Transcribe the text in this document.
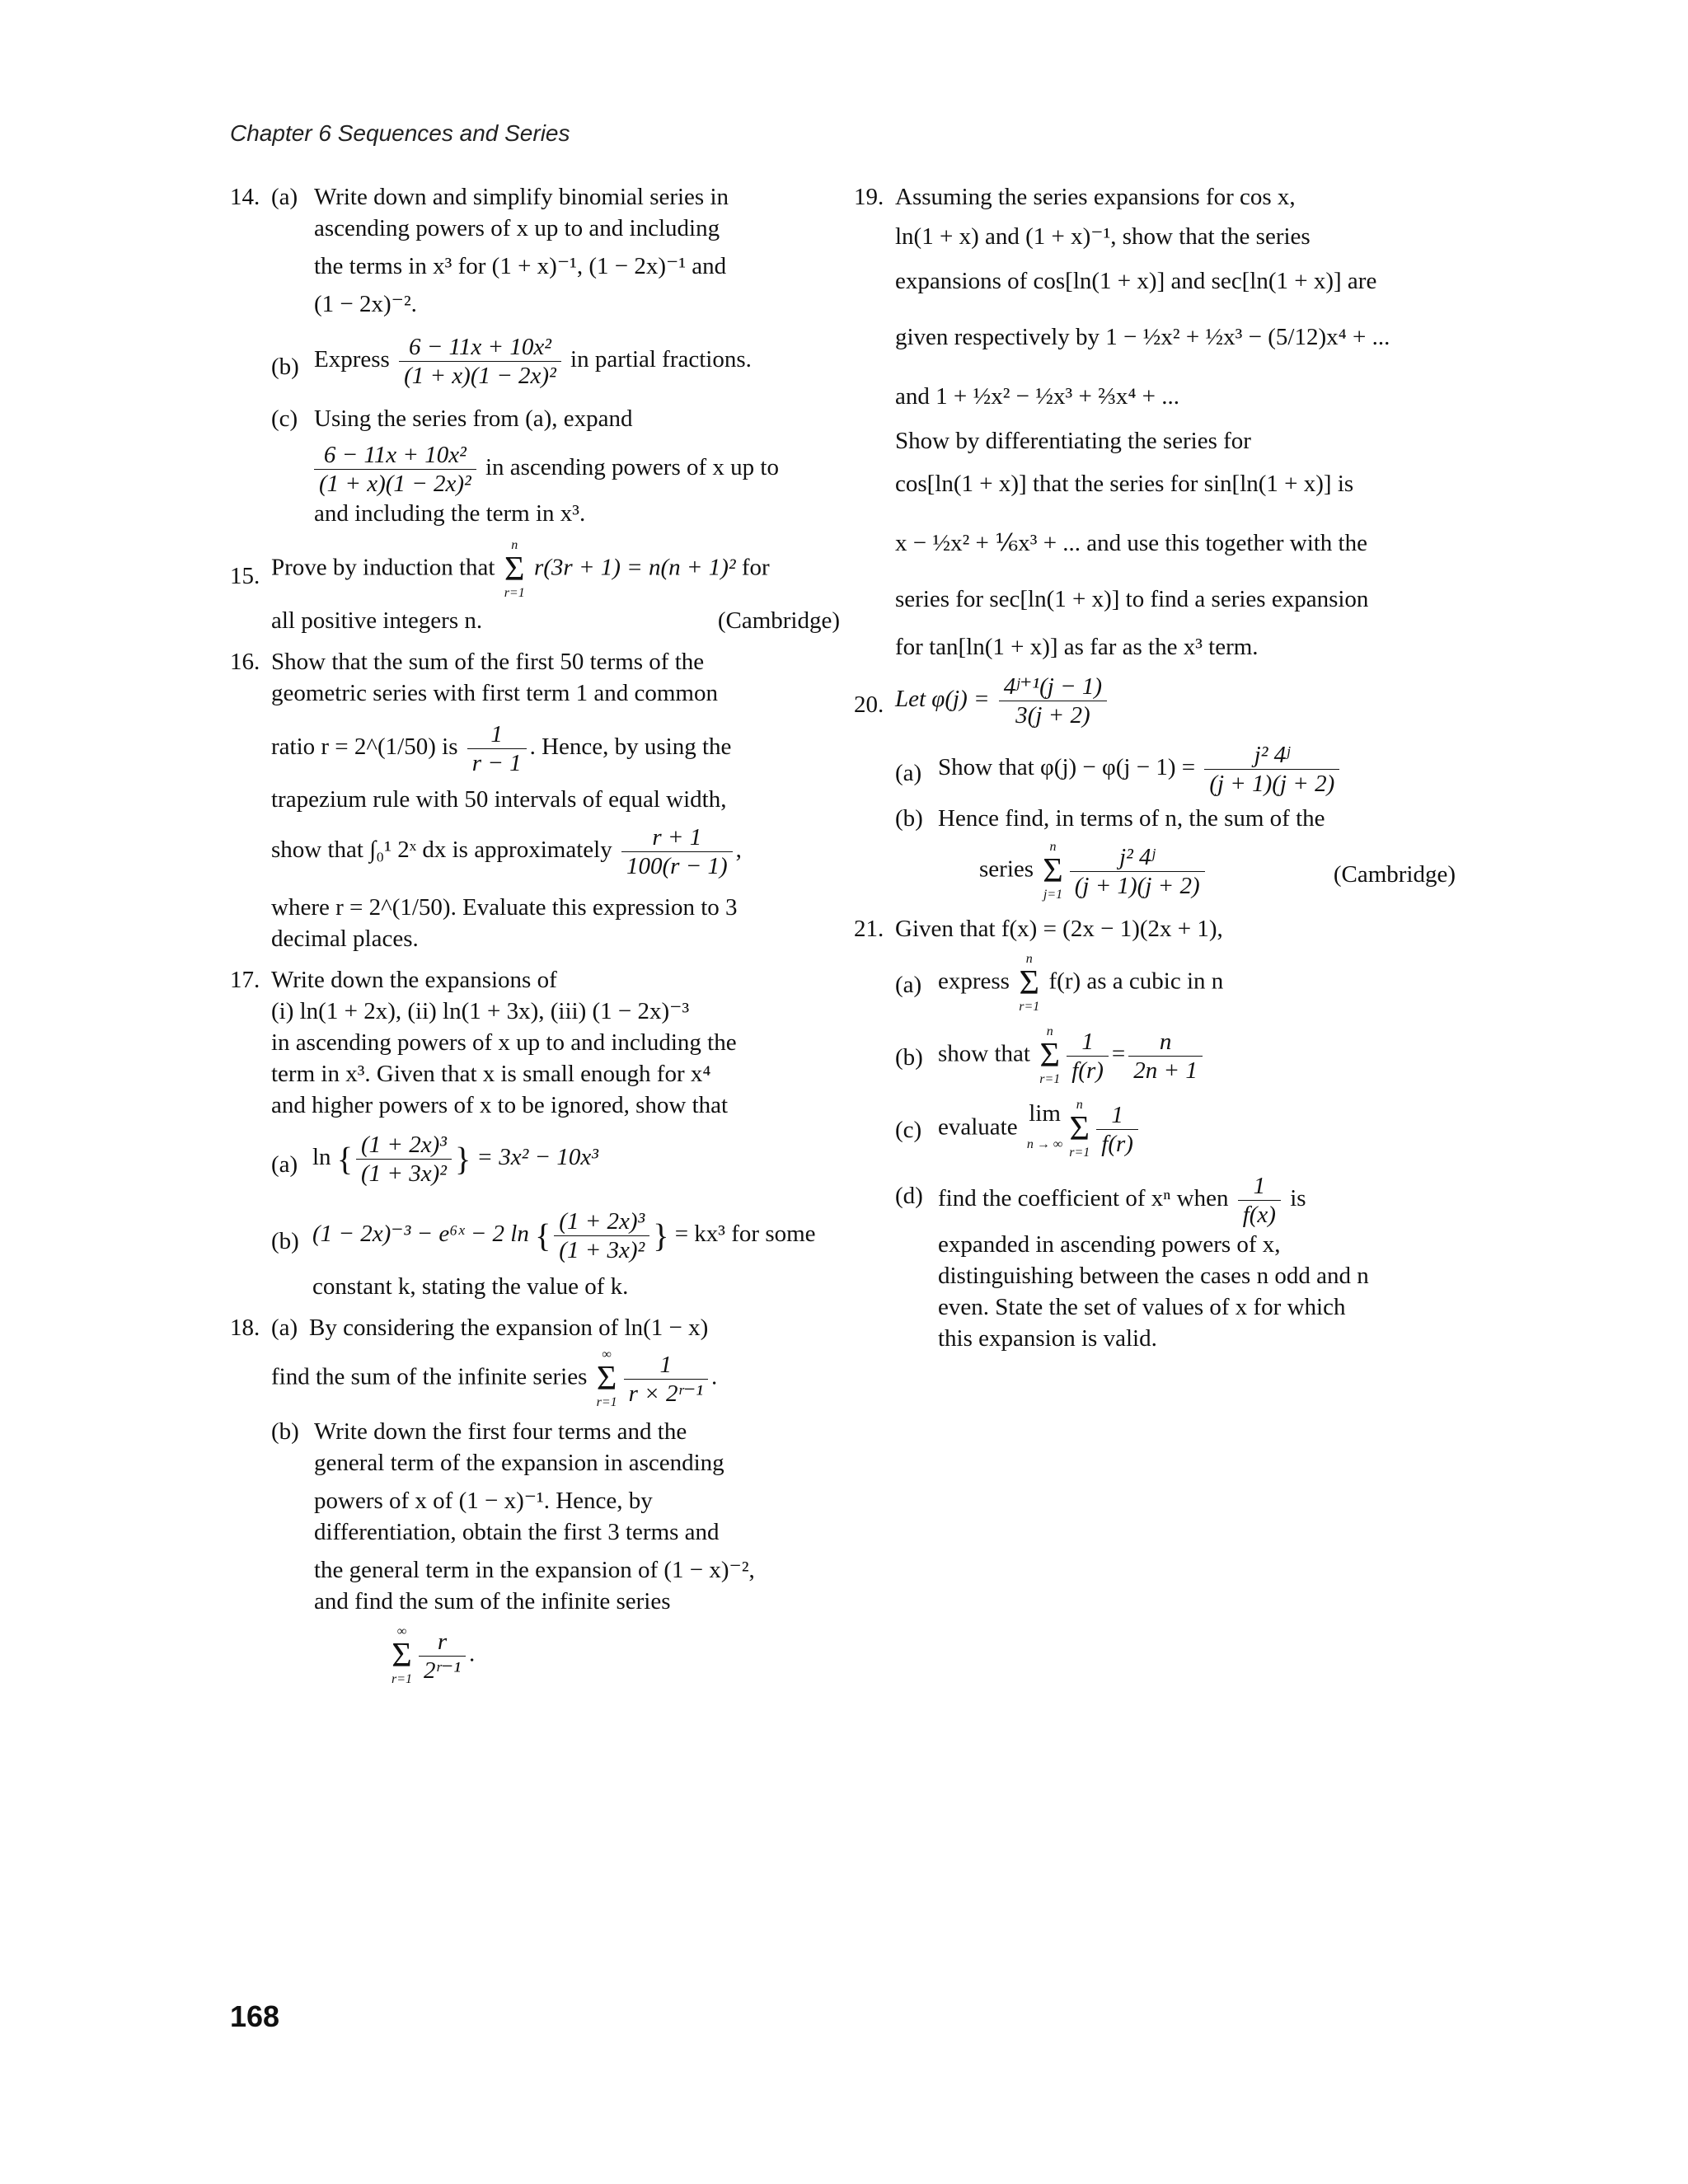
Chapter 6 Sequences and Series
14. (a) Write down and simplify binomial series in
ascending powers of x up to and including
the terms in x³ for (1 + x)⁻¹, (1 − 2x)⁻¹ and
(1 − 2x)⁻².
(b) Express $\frac{\text{6 − 11x + 10x²}}{\text{(1 + x)(1 − 2x)²}}$ in partial fractions.
(c) Using the series from (a), expand
$\frac{\text{6 − 11x + 10x²}}{\text{(1 + x)(1 − 2x)²}}$ in ascending powers of x up to
and including the term in x³.
15. Prove by induction that
n
Σ
r=1
r(3r + 1) = n(n + 1)² for
all positive integers n.	(Cambridge)
16. Show that the sum of the first 50 terms of the
geometric series with first term 1 and common
ratio r = 2^(1/50) is $\frac{1}{r - 1}$ . Hence, by using the
trapezium rule with 50 intervals of equal width,
show that ∫₀¹ 2ˣ dx is approximately $\frac{r + 1}{100(r - 1)}$ ,
where r = 2^(1/50). Evaluate this expression to 3
decimal places.
17. Write down the expansions of
(i) ln(1 + 2x), (ii) ln(1 + 3x), (iii) (1 − 2x)⁻³
in ascending powers of x up to and including the
term in x³. Given that x is small enough for x⁴
and higher powers of x to be ignored, show that
(a) ln { $\frac{\text{(1 + 2x)³}}{\text{(1 + 3x)²}}$ } = 3x² − 10x³
(b) (1 − 2x)⁻³ − e⁶ˣ − 2 ln { $\frac{\text{(1 + 2x)³}}{\text{(1 + 3x)²}}$ } = kx³ for some
constant k, stating the value of k.
18. (a) By considering the expansion of ln(1 − x)
find the sum of the infinite series
∞
Σ
$r=1 \frac{1}{\text{r × 2ʳ⁻¹}}$ .
(b) Write down the first four terms and the
general term of the expansion in ascending
powers of x of (1 − x)⁻¹. Hence, by
differentiation, obtain the first 3 terms and
the general term in the expansion of (1 − x)⁻²,
and find the sum of the infinite series
∞
Σ
$r=1 \frac{r}{\text{2ʳ⁻¹}}$ .
19. Assuming the series expansions for cos x,
ln(1 + x) and (1 + x)⁻¹, show that the series
expansions of cos[ln(1 + x)] and sec[ln(1 + x)] are
given respectively by 1 − ½x² + ½x³ − (5/12)x⁴ + ...
and 1 + ½x² − ½x³ + ⅔x⁴ + ...
Show by differentiating the series for
cos[ln(1 + x)] that the series for sin[ln(1 + x)] is
x − ½x² + ⅙x³ + ... and use this together with the
series for sec[ln(1 + x)] to find a series expansion
for tan[ln(1 + x)] as far as the x³ term.
20. Let $\varphi(j) = \frac{\text{4ʲ⁺¹(j − 1)}}{3(j + 2)}$
(a) Show that $\varphi(j) - \varphi(j - 1) = \frac{\text{j² 4ʲ}}{(j + 1)(j + 2)}$
(b) Hence find, in terms of n, the sum of the
series
n
Σ
$j=1 \frac{\text{j² 4ʲ}}{(j + 1)(j + 2)}$	(Cambridge)
21. Given that f(x) = (2x − 1)(2x + 1),
(a) express
n
Σ
r=1
f(r) as a cubic in n
(b) show that
n
Σ
$r=1 \frac{1}{f(r)} = \frac{n}{2n + 1}$
(c) evaluate
lim
n → ∞
n
Σ
$r=1 \frac{1}{f(r)}$
(d) find the coefficient of xⁿ when $\frac{1}{f(x)}$ is
expanded in ascending powers of x,
distinguishing between the cases n odd and n
even. State the set of values of x for which
this expansion is valid.
168
